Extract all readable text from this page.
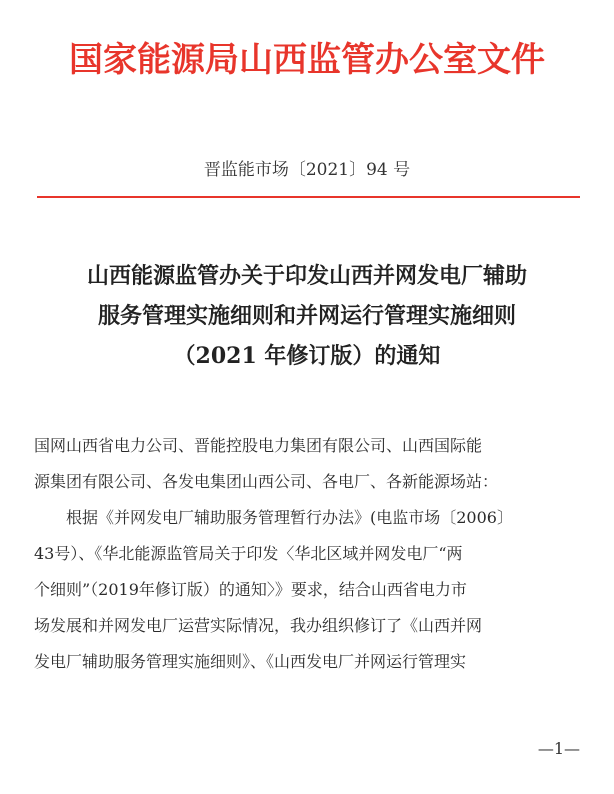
国家能源局山西监管办公室文件
晋监能市场〔2021〕94 号
山西能源监管办关于印发山西并网发电厂辅助
服务管理实施细则和并网运行管理实施细则
（2021 年修订版）的通知
国网山西省电力公司、晋能控股电力集团有限公司、山西国际能
源集团有限公司、各发电集团山西公司、各电厂、各新能源场站：
根据《并网发电厂辅助服务管理暂行办法》(电监市场〔2006〕
43号）、《华北能源监管局关于印发〈华北区域并网发电厂“两
个细则”（2019年修订版）的通知〉》要求，结合山西省电力市
场发展和并网发电厂运营实际情况，我办组织修订了《山西并网
发电厂辅助服务管理实施细则》、《山西发电厂并网运行管理实
—1—
